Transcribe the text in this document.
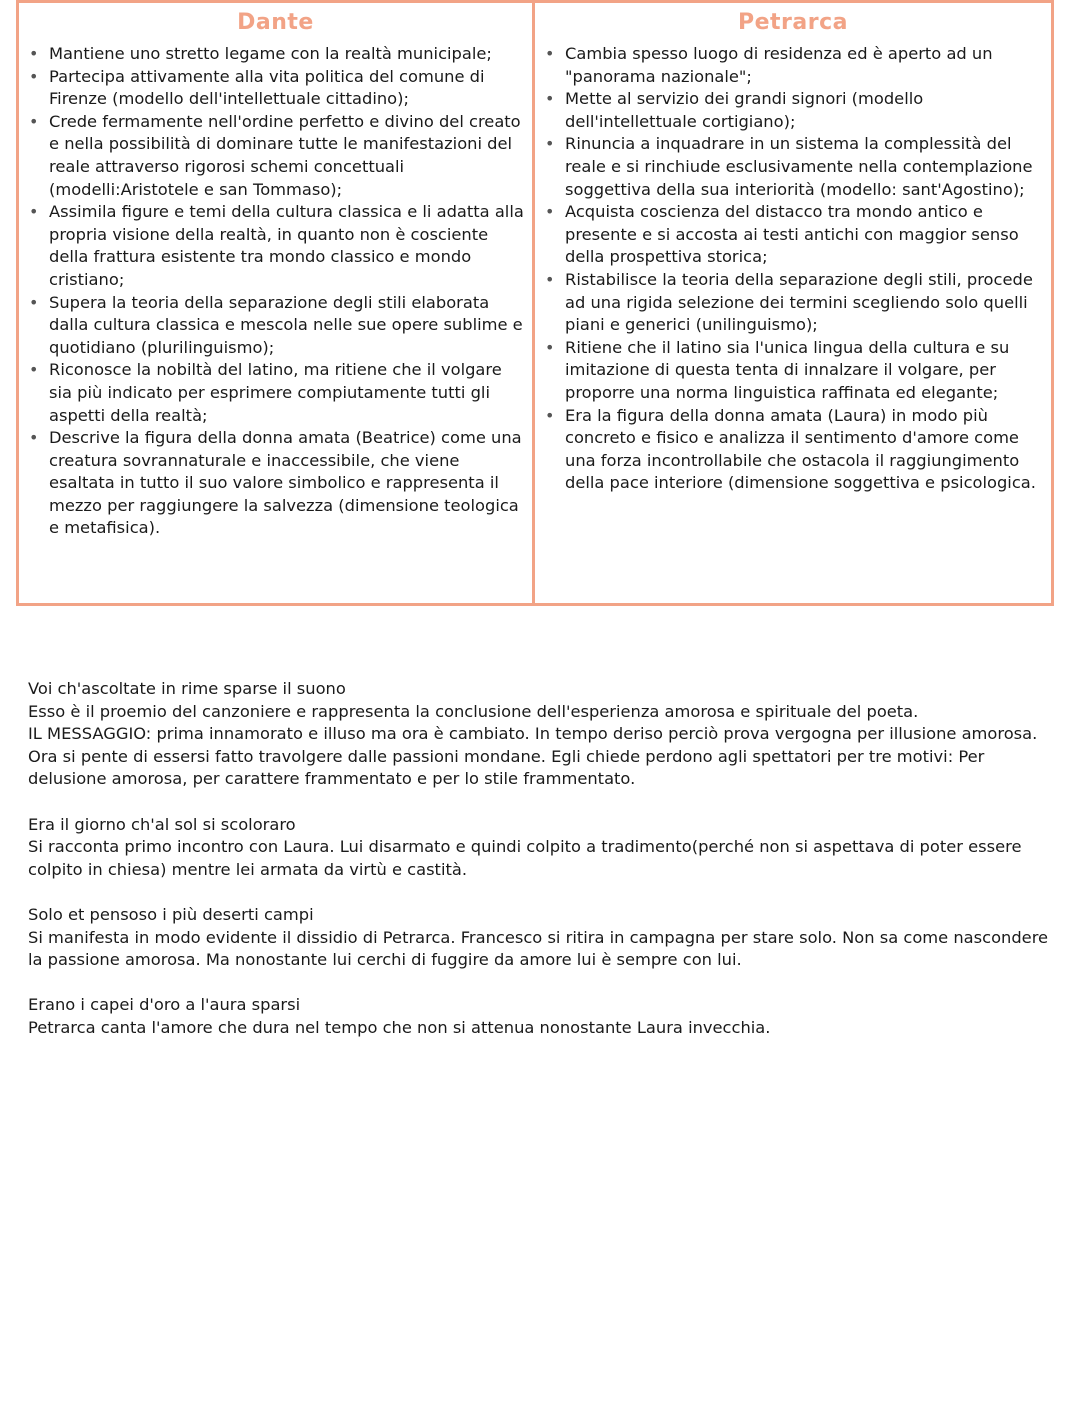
Dante
• Mantiene uno stretto legame con la realtà municipale;
• Partecipa attivamente alla vita politica del comune di Firenze (modello dell'intellettuale cittadino);
• Crede fermamente nell'ordine perfetto e divino del creato e nella possibilità di dominare tutte le manifestazioni del reale attraverso rigorosi schemi concettuali (modelli:Aristotele e san Tommaso);
• Assimila figure e temi della cultura classica e li adatta alla propria visione della realtà, in quanto non è cosciente della frattura esistente tra mondo classico e mondo cristiano;
• Supera la teoria della separazione degli stili elaborata dalla cultura classica e mescola nelle sue opere sublime e quotidiano (plurilinguismo);
• Riconosce la nobiltà del latino, ma ritiene che il volgare sia più indicato per esprimere compiutamente tutti gli aspetti della realtà;
• Descrive la figura della donna amata (Beatrice) come una creatura sovrannaturale e inaccessibile, che viene esaltata in tutto il suo valore simbolico e rappresenta il mezzo per raggiungere la salvezza (dimensione teologica e metafisica).
Petrarca
• Cambia spesso luogo di residenza ed è aperto ad un "panorama nazionale";
• Mette al servizio dei grandi signori (modello dell'intellettuale cortigiano);
• Rinuncia a inquadrare in un sistema la complessità del reale e si rinchiude esclusivamente nella contemplazione soggettiva della sua interiorità (modello: sant'Agostino);
• Acquista coscienza del distacco tra mondo antico e presente e si accosta ai testi antichi con maggior senso della prospettiva storica;
• Ristabilisce la teoria della separazione degli stili, procede ad una rigida selezione dei termini scegliendo solo quelli piani e generici (unilinguismo);
• Ritiene che il latino sia l'unica lingua della cultura e su imitazione di questa tenta di innalzare il volgare, per proporre una norma linguistica raffinata ed elegante;
• Era la figura della donna amata (Laura) in modo più concreto e fisico e analizza il sentimento d'amore come una forza incontrollabile che ostacola il raggiungimento della pace interiore (dimensione soggettiva e psicologica.
Voi ch'ascoltate in rime sparse il suono
Esso è il proemio del canzoniere e rappresenta la conclusione dell'esperienza amorosa e spirituale del poeta.
IL MESSAGGIO: prima innamorato e illuso ma ora è cambiato. In tempo deriso perciò prova vergogna per illusione amorosa. Ora si pente di essersi fatto travolgere dalle passioni mondane. Egli chiede perdono agli spettatori per tre motivi: Per delusione amorosa, per carattere frammentato e per lo stile frammentato.
Era il giorno ch'al sol si scoloraro
Si racconta primo incontro con Laura. Lui disarmato e quindi colpito a tradimento(perché non si aspettava di poter essere colpito in chiesa) mentre lei armata da virtù e castità.
Solo et pensoso i più deserti campi
Si manifesta in modo evidente il dissidio di Petrarca. Francesco si ritira in campagna per stare solo. Non sa come nascondere la passione amorosa. Ma nonostante lui cerchi di fuggire da amore lui è sempre con lui.
Erano i capei d'oro a l'aura sparsi
Petrarca canta l'amore che dura nel tempo che non si attenua nonostante Laura invecchia.
